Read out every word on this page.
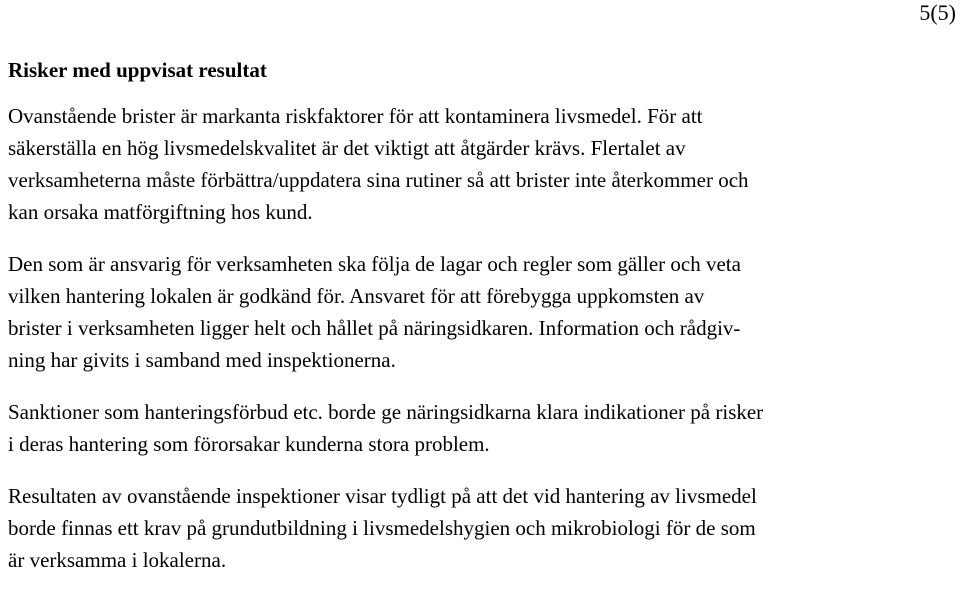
5(5)
Risker med uppvisat resultat

Ovanstående brister är markanta riskfaktorer för att kontaminera livsmedel. För att
säkerställa en hög livsmedelskvalitet är det viktigt att åtgärder krävs. Flertalet av
verksamheterna måste förbättra/uppdatera sina rutiner så att brister inte återkommer och
kan orsaka matförgiftning hos kund.

Den som är ansvarig för verksamheten ska följa de lagar och regler som gäller och veta
vilken hantering lokalen är godkänd för. Ansvaret för att förebygga uppkomsten av
brister i verksamheten ligger helt och hållet på näringsidkaren. Information och rådgiv-
ning har givits i samband med inspektionerna.

Sanktioner som hanteringsförbud etc. borde ge näringsidkarna klara indikationer på risker
i deras hantering som förorsakar kunderna stora problem.

Resultaten av ovanstående inspektioner visar tydligt på att det vid hantering av livsmedel
borde finnas ett krav på grundutbildning i livsmedelshygien och mikrobiologi för de som
är verksamma i lokalerna.
